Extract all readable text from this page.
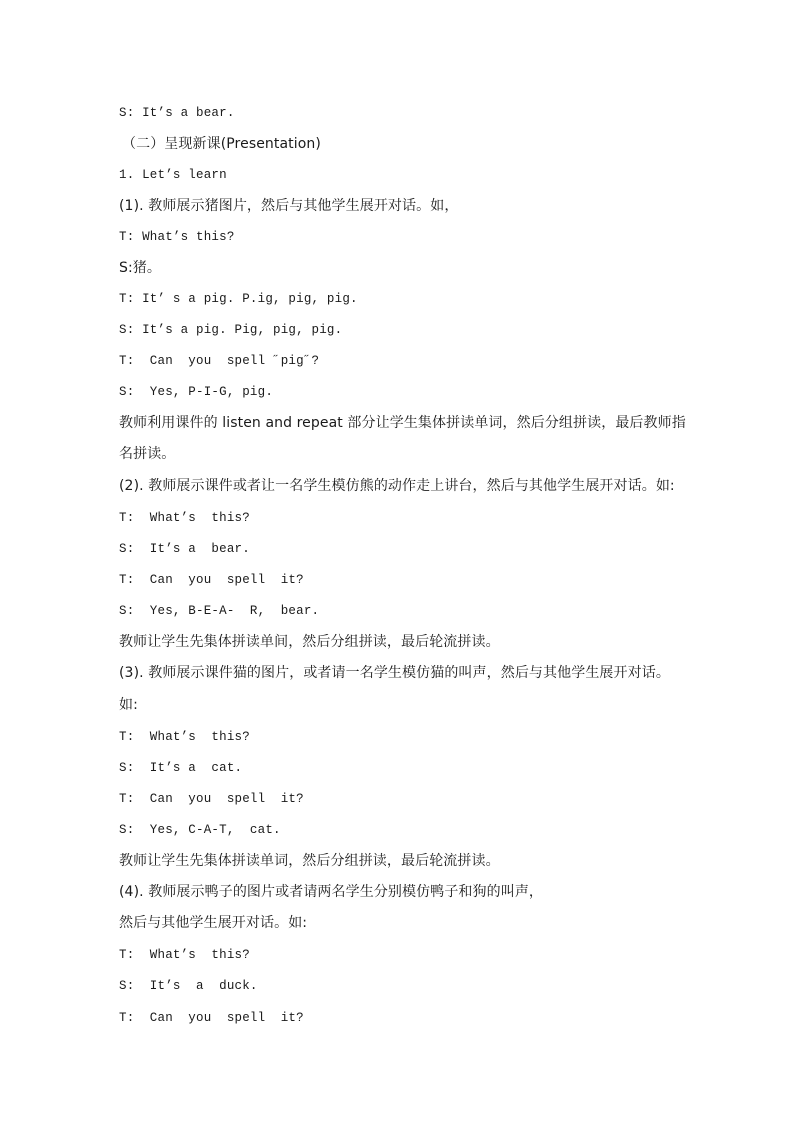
S: It’s a bear.

（二）呈现新课(Presentation)

1. Let’s learn

(1). 教师展示猪图片，然后与其他学生展开对话。如，

T: What’s this?

S:猪。

T: It’ s a pig. P.ig, pig, pig.

S: It’s a pig. Pig, pig, pig.

T:  Can  you  spell ˝pig˝?

S:  Yes, P-I-G, pig.

教师利用课件的 listen and repeat 部分让学生集体拼读单词，然后分组拼读，最后教师指

名拼读。

(2). 教师展示课件或者让一名学生模仿熊的动作走上讲台，然后与其他学生展开对话。如:

T:  What’s  this?

S:  It’s a  bear.

T:  Can  you  spell  it?

S:  Yes, B-E-A-  R,  bear.

教师让学生先集体拼读单间，然后分组拼读，最后轮流拼读。

(3). 教师展示课件猫的图片，或者请一名学生模仿猫的叫声，然后与其他学生展开对话。

如:

T:  What’s  this?

S:  It’s a  cat.

T:  Can  you  spell  it?

S:  Yes, C-A-T,  cat.

教师让学生先集体拼读单词，然后分组拼读，最后轮流拼读。

(4). 教师展示鸭子的图片或者请两名学生分别模仿鸭子和狗的叫声，

然后与其他学生展开对话。如:

T:  What’s  this?

S:  It’s  a  duck.

T:  Can  you  spell  it?
